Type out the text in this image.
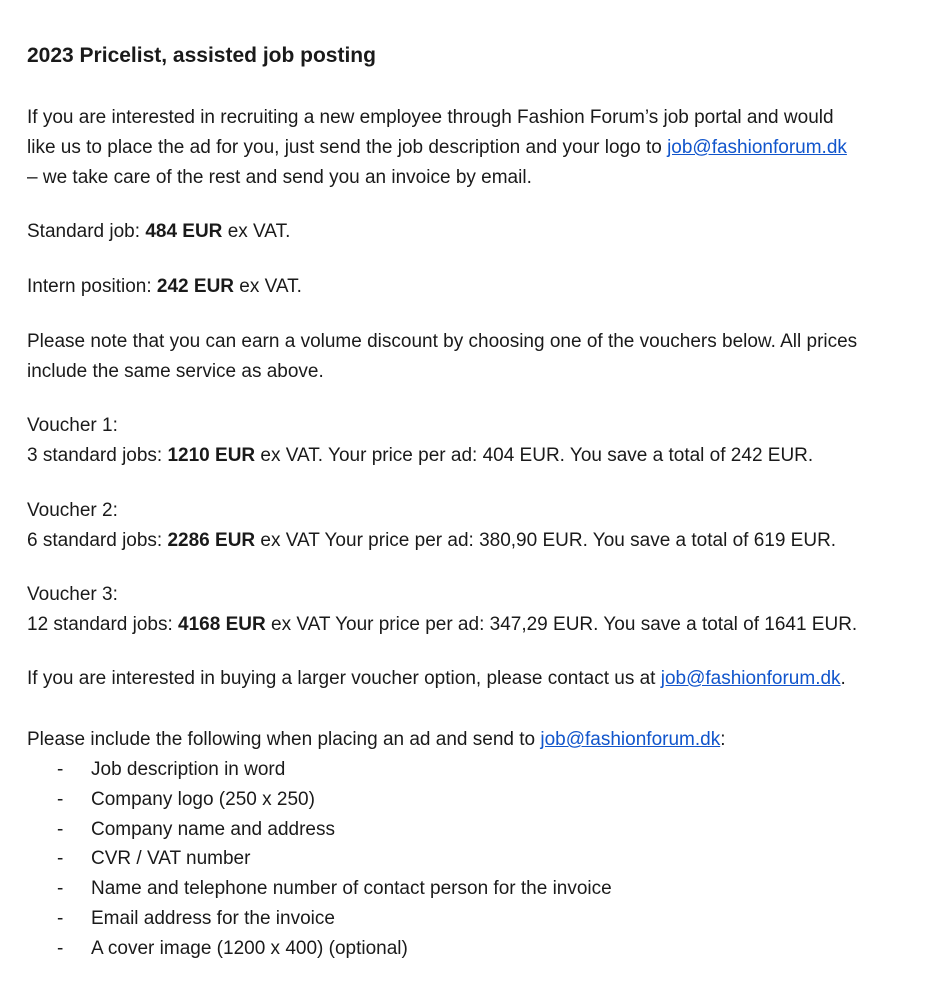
2023 Pricelist, assisted job posting
If you are interested in recruiting a new employee through Fashion Forum’s job portal and would
like us to place the ad for you, just send the job description and your logo to job@fashionforum.dk
– we take care of the rest and send you an invoice by email.
Standard job: 484 EUR ex VAT.
Intern position: 242 EUR ex VAT.
Please note that you can earn a volume discount by choosing one of the vouchers below. All prices
include the same service as above.
Voucher 1:
3 standard jobs: 1210 EUR ex VAT. Your price per ad: 404 EUR. You save a total of 242 EUR.
Voucher 2:
6 standard jobs: 2286 EUR ex VAT Your price per ad: 380,90 EUR. You save a total of 619 EUR.
Voucher 3:
12 standard jobs: 4168 EUR ex VAT Your price per ad: 347,29 EUR. You save a total of 1641 EUR.
If you are interested in buying a larger voucher option, please contact us at job@fashionforum.dk.
Please include the following when placing an ad and send to job@fashionforum.dk:
- Job description in word
- Company logo (250 x 250)
- Company name and address
- CVR / VAT number
- Name and telephone number of contact person for the invoice
- Email address for the invoice
- A cover image (1200 x 400) (optional)
